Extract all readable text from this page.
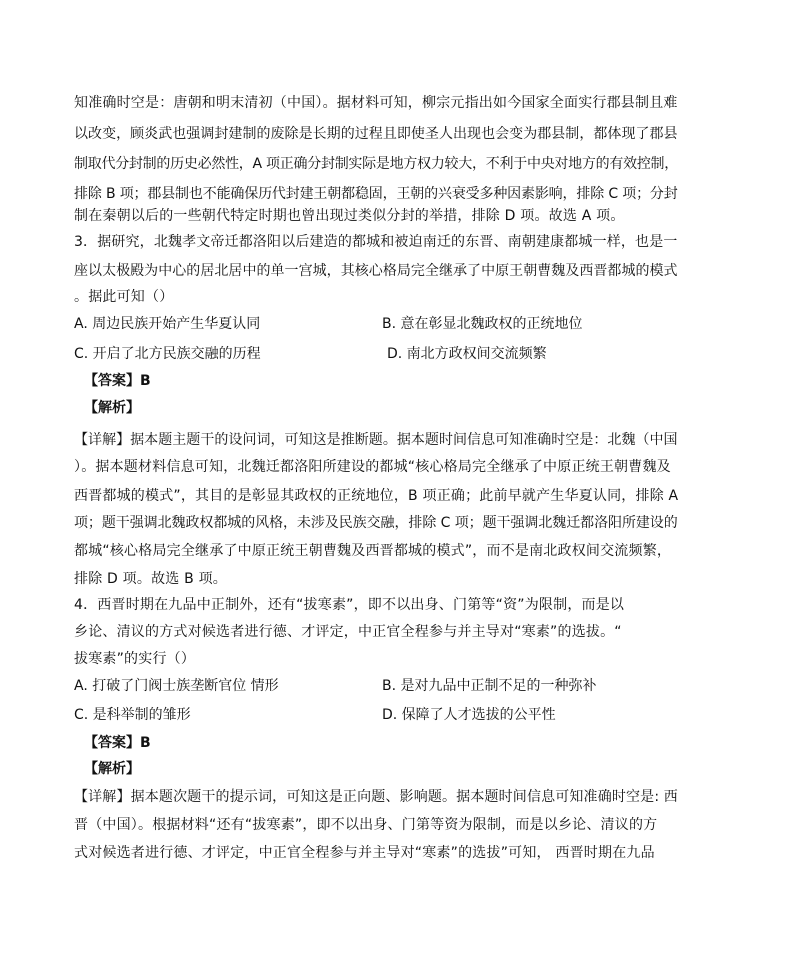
知准确时空是：唐朝和明末清初（中国）。据材料可知，柳宗元指出如今国家全面实行郡县制且难
以改变，顾炎武也强调封建制的废除是长期的过程且即使圣人出现也会变为郡县制，都体现了郡县
制取代分封制的历史必然性，A 项正确分封制实际是地方权力较大，不利于中央对地方的有效控制，
排除 B 项；郡县制也不能确保历代封建王朝都稳固，王朝的兴衰受多种因素影响，排除 C 项；分封
制在秦朝以后的一些朝代特定时期也曾出现过类似分封的举措，排除 D 项。故选 A 项。
3．据研究，北魏孝文帝迁都洛阳以后建造的都城和被迫南迁的东晋、南朝建康都城一样，也是一
座以太极殿为中心的居北居中的单一宫城，其核心格局完全继承了中原王朝曹魏及西晋都城的模式
。据此可知（）
A. 周边民族开始产生华夏认同	B. 意在彰显北魏政权的正统地位
C. 开启了北方民族交融的历程	D. 南北方政权间交流频繁
【答案】B
【解析】
【详解】据本题主题干的设问词，可知这是推断题。据本题时间信息可知准确时空是：北魏（中国
）。据本题材料信息可知，北魏迁都洛阳所建设的都城“核心格局完全继承了中原正统王朝曹魏及
西晋都城的模式”，其目的是彰显其政权的正统地位，B 项正确；此前早就产生华夏认同，排除 A
项；题干强调北魏政权都城的风格，未涉及民族交融，排除 C 项；题干强调北魏迁都洛阳所建设的
都城“核心格局完全继承了中原正统王朝曹魏及西晋都城的模式”，而不是南北政权间交流频繁，
排除 D 项。故选 B 项。
4．西晋时期在九品中正制外，还有“拔寒素”，即不以出身、门第等“资”为限制，而是以
乡论、清议的方式对候选者进行德、才评定，中正官全程参与并主导对“寒素”的选拔。“
拔寒素”的实行（）
A. 打破了门阀士族垄断官位 情形	B. 是对九品中正制不足的一种弥补
C. 是科举制的雏形	D. 保障了人才选拔的公平性
【答案】B
【解析】
【详解】据本题次题干的提示词，可知这是正向题、影响题。据本题时间信息可知准确时空是: 西
晋（中国）。根据材料“还有“拔寒素”，即不以出身、门第等资为限制，而是以乡论、清议的方
式对候选者进行德、才评定，中正官全程参与并主导对“寒素”的选拔”可知， 西晋时期在九品
